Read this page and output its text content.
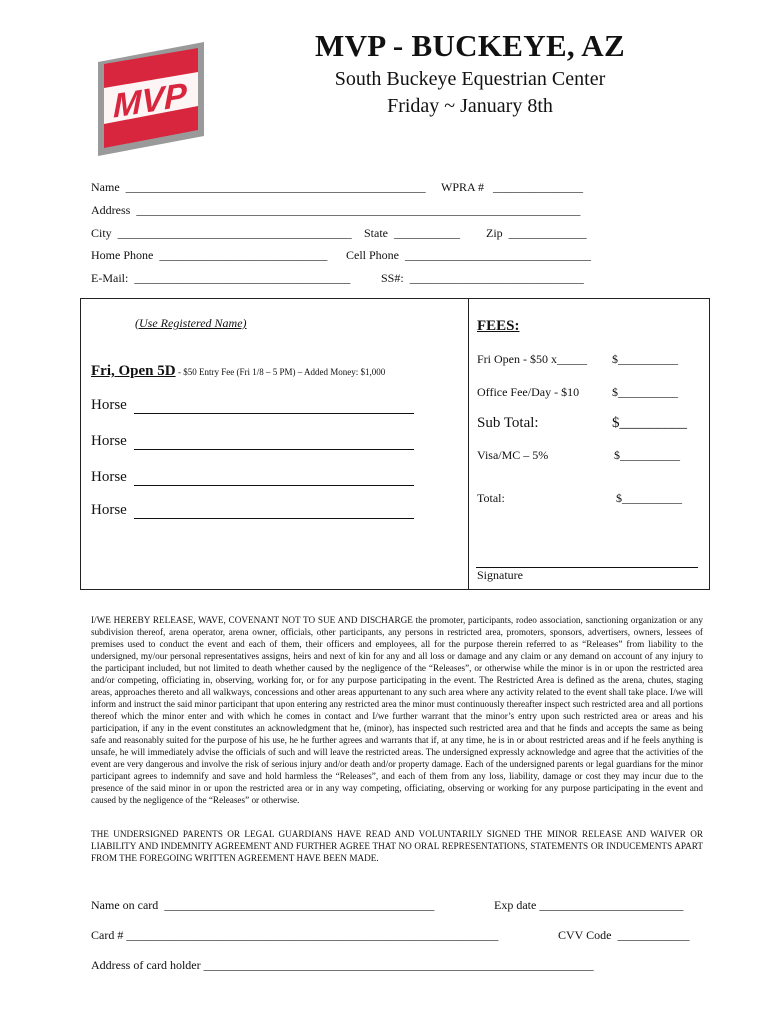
MVP
MVP - BUCKEYE, AZ
South Buckeye Equestrian Center
Friday ~ January 8th
Name  __________________________________________________ WPRA #   _______________
Address  __________________________________________________________________________
City  _______________________________________ State  ___________ Zip  _____________
Home Phone  ____________________________ Cell Phone  _______________________________
E-Mail:  ____________________________________	SS#:  _____________________________
(Use Registered Name)
Fri, Open 5D - $50 Entry Fee (Fri 1/8 – 5 PM) – Added Money: $1,000
Horse
Horse
Horse
Horse
FEES:
Fri Open - $50 x_____ $__________
Office Fee/Day - $10	$__________
Sub Total:	$_________
Visa/MC – 5%	$__________
Total:	$__________
Signature
I/WE HEREBY RELEASE, WAVE, COVENANT NOT TO SUE AND DISCHARGE the promoter, participants, rodeo association, sanctioning organization or any subdivision thereof, arena operator, arena owner, officials, other participants, any persons in restricted area, promoters, sponsors, advertisers, owners, lessees of premises used to conduct the event and each of them, their officers and employees, all for the purpose therein referred to as “Releases” from liability to the undersigned, my/our personal representatives assigns, heirs and next of kin for any and all loss or damage and any claim or any demand on account of any injury to the participant included, but not limited to death whether caused by the negligence of the “Releases”, or otherwise while the minor is in or upon the restricted area and/or competing, officiating in, observing, working for, or for any purpose participating in the event. The Restricted Area is defined as the arena, chutes, staging areas, approaches thereto and all walkways, concessions and other areas appurtenant to any such area where any activity related to the event shall take place. I/we will inform and instruct the said minor participant that upon entering any restricted area the minor must continuously thereafter inspect such restricted area and all portions thereof which the minor enter and with which he comes in contact and I/we further warrant that the minor’s entry upon such restricted area or areas and his participation, if any in the event constitutes an acknowledgment that he, (minor), has inspected such restricted area and that he finds and accepts the same as being safe and reasonably suited for the purpose of his use, he he further agrees and warrants that if, at any time, he is in or about restricted areas and if he feels anything is unsafe, he will immediately advise the officials of such and will leave the restricted areas. The undersigned expressly acknowledge and agree that the activities of the event are very dangerous and involve the risk of serious injury and/or death and/or property damage. Each of the undersigned parents or legal guardians for the minor participant agrees to indemnify and save and hold harmless the “Releases”, and each of them from any loss, liability, damage or cost they may incur due to the presence of the said minor in or upon the restricted area or in any way competing, officiating, observing or working for any purpose participating in the event and caused by the negligence of the “Releases” or otherwise.
THE UNDERSIGNED PARENTS OR LEGAL GUARDIANS HAVE READ AND VOLUNTARILY SIGNED THE MINOR RELEASE AND WAIVER OR LIABILITY AND INDEMNITY AGREEMENT AND FURTHER AGREE THAT NO ORAL REPRESENTATIONS, STATEMENTS OR INDUCEMENTS APART FROM THE FOREGOING WRITTEN AGREEMENT HAVE BEEN MADE.
Name on card  _____________________________________________	Exp date ________________________
Card # ______________________________________________________________	CVV Code  ____________
Address of card holder _________________________________________________________________
